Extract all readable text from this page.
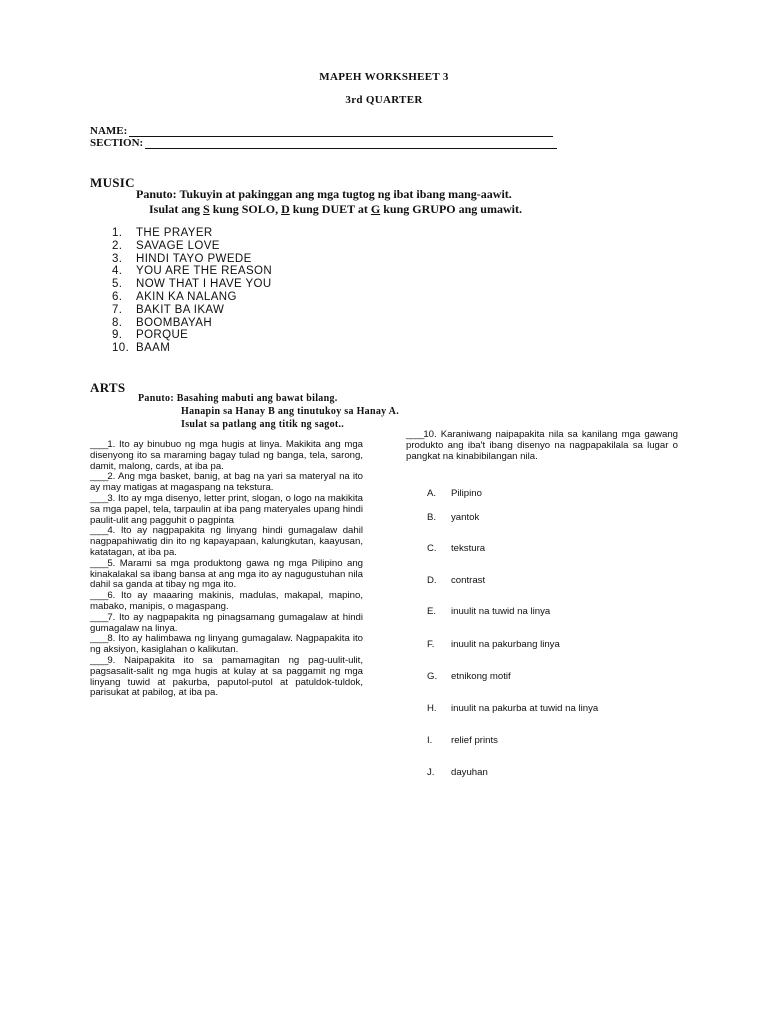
MAPEH WORKSHEET 3
3rd QUARTER
NAME:
SECTION:
MUSIC
Panuto: Tukuyin at pakinggan ang mga tugtog ng ibat ibang mang-aawit.
Isulat ang S kung SOLO, D kung DUET at G kung GRUPO ang umawit.
1.	THE PRAYER
2.	SAVAGE LOVE
3.	HINDI TAYO PWEDE
4.	YOU ARE THE REASON
5.	NOW THAT I HAVE YOU
6.	AKIN KA NALANG
7.	BAKIT BA IKAW
8.	BOOMBAYAH
9.	PORQUE
10. BAAM
ARTS
Panuto: Basahing mabuti ang bawat bilang.
Hanapin sa Hanay B ang tinutukoy sa Hanay A.
Isulat sa patlang ang titik ng sagot..

____1. Ito ay binubuo ng mga hugis at linya. Makikita ang mga disenyong ito sa maraming bagay tulad ng banga, tela, sarong, damit, malong, cards, at iba pa.

____2. Ang mga basket, banig, at bag na yari sa materyal na ito ay may matigas at magaspang na tekstura.

____3. Ito ay mga disenyo, letter print, slogan, o logo na makikita sa mga papel, tela, tarpaulin at iba pang materyales upang hindi paulit-ulit ang pagguhit o pagpinta

____4. Ito ay nagpapakita ng linyang hindi gumagalaw dahil nagpapahiwatig din ito ng kapayapaan, kalungkutan, kaayusan, katatagan, at iba pa.

____5. Marami sa mga produktong gawa ng mga Pilipino ang kinakalakal sa ibang bansa at ang mga ito ay nagugustuhan nila dahil sa ganda at tibay ng mga ito.

____6. Ito ay maaaring makinis, madulas, makapal, mapino, mabako, manipis, o magaspang.

____7. Ito ay nagpapakita ng pinagsamang gumagalaw at hindi gumagalaw na linya.

____8. Ito ay halimbawa ng linyang gumagalaw. Nagpapakita ito ng aksiyon, kasiglahan o kalikutan.

____9. Naipapakita ito sa pamamagitan ng pag-uulit-ulit, pagsasalit-salit ng mga hugis at kulay at sa paggamit ng mga linyang tuwid at pakurba, paputol-putol at patuldok-tuldok, parisukat at pabilog, at iba pa.

____10. Karaniwang naipapakita nila sa kanilang mga gawang produkto ang iba't ibang disenyo na nagpapakilala sa lugar o pangkat na kinabibilangan nila.
A.	Pilipino
B.	yantok
C.	tekstura
D.	contrast
E.	inuulit na tuwid na linya
F.	inuulit na pakurbang linya
G.	etnikong motif
H.	inuulit na pakurba at tuwid na linya
I.	relief prints
J.	dayuhan
